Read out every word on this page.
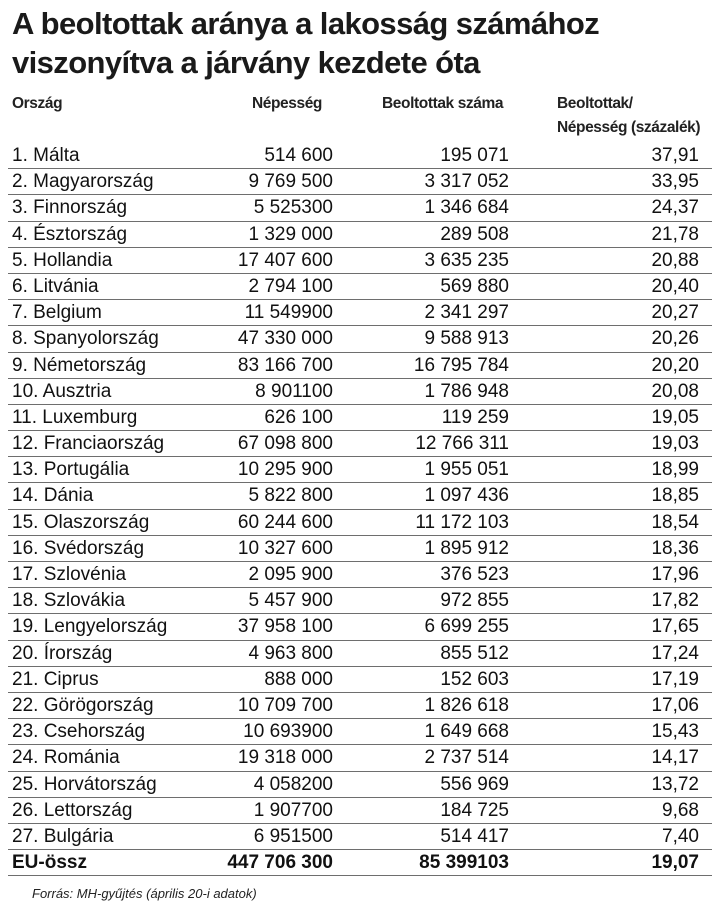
A beoltottak aránya a lakosság számához
viszonyítva a járvány kezdete óta
Ország	Népesség	Beoltottak száma	Beoltottak/
Népesség (százalék)
1. Málta	514 600	195 071	37,91
2. Magyarország	9 769 500	3 317 052	33,95
3. Finnország	5 525300	1 346 684	24,37
4. Észtország	1 329 000	289 508	21,78
5. Hollandia	17 407 600	3 635 235	20,88
6. Litvánia	2 794 100	569 880	20,40
7. Belgium	11 549900	2 341 297	20,27
8. Spanyolország	47 330 000	9 588 913	20,26
9. Németország	83 166 700	16 795 784	20,20
10. Ausztria	8 901100	1 786 948	20,08
11. Luxemburg	626 100	119 259	19,05
12. Franciaország	67 098 800	12 766 311	19,03
13. Portugália	10 295 900	1 955 051	18,99
14. Dánia	5 822 800	1 097 436	18,85
15. Olaszország	60 244 600	11 172 103	18,54
16. Svédország	10 327 600	1 895 912	18,36
17. Szlovénia	2 095 900	376 523	17,96
18. Szlovákia	5 457 900	972 855	17,82
19. Lengyelország	37 958 100	6 699 255	17,65
20. Írország	4 963 800	855 512	17,24
21. Ciprus	888 000	152 603	17,19
22. Görögország	10 709 700	1 826 618	17,06
23. Csehország	10 693900	1 649 668	15,43
24. Románia	19 318 000	2 737 514	14,17
25. Horvátország	4 058200	556 969	13,72
26. Lettország	1 907700	184 725	9,68
27. Bulgária	6 951500	514 417	7,40
EU-össz	447 706 300	85 399103	19,07
Forrás: MH-gyűjtés (április 20-i adatok)
